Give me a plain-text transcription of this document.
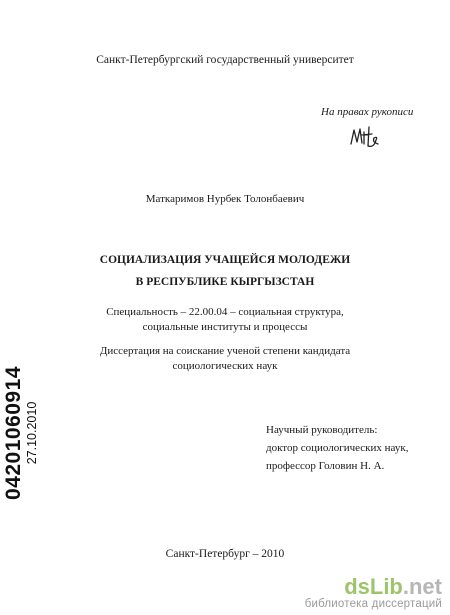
Санкт-Петербургский государственный университет
На правах рукописи
Маткаримов Нурбек Толонбаевич
СОЦИАЛИЗАЦИЯ УЧАЩЕЙСЯ МОЛОДЕЖИ
В РЕСПУБЛИКЕ КЫРГЫЗСТАН
Специальность – 22.00.04 – социальная структура,
социальные институты и процессы
Диссертация на соискание ученой степени кандидата
социологических наук
Научный руководитель:
доктор социологических наук,
профессор Головин Н. А.
Санкт-Петербург – 2010
04201060914 27.10.2010
dsLib.net
библиотека диссертаций
